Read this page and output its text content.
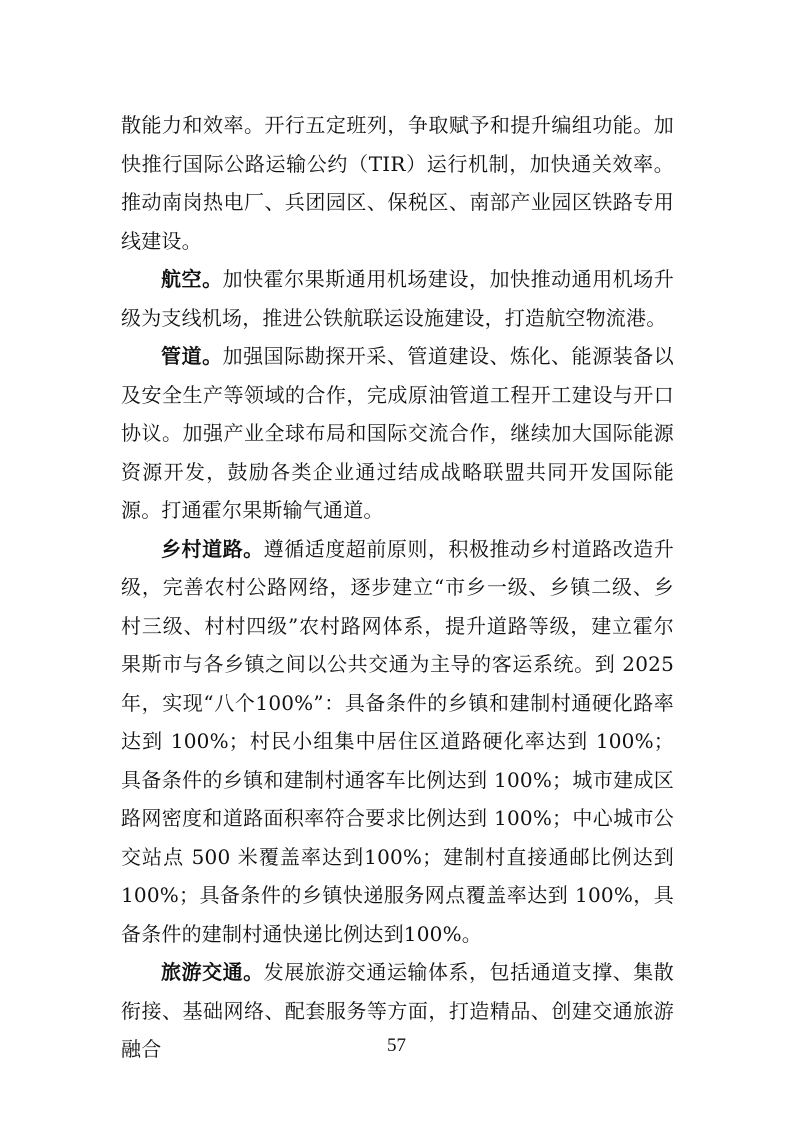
散能力和效率。开行五定班列，争取赋予和提升编组功能。加快推行国际公路运输公约（TIR）运行机制，加快通关效率。推动南岗热电厂、兵团园区、保税区、南部产业园区铁路专用线建设。

航空。加快霍尔果斯通用机场建设，加快推动通用机场升级为支线机场，推进公铁航联运设施建设，打造航空物流港。

管道。加强国际勘探开采、管道建设、炼化、能源装备以及安全生产等领域的合作，完成原油管道工程开工建设与开口协议。加强产业全球布局和国际交流合作，继续加大国际能源资源开发，鼓励各类企业通过结成战略联盟共同开发国际能源。打通霍尔果斯输气通道。

乡村道路。遵循适度超前原则，积极推动乡村道路改造升级，完善农村公路网络，逐步建立“市乡一级、乡镇二级、乡村三级、村村四级”农村路网体系，提升道路等级，建立霍尔果斯市与各乡镇之间以公共交通为主导的客运系统。到 2025 年，实现“八个100%”：具备条件的乡镇和建制村通硬化路率达到 100%；村民小组集中居住区道路硬化率达到 100%；具备条件的乡镇和建制村通客车比例达到 100%；城市建成区路网密度和道路面积率符合要求比例达到 100%；中心城市公交站点 500 米覆盖率达到100%；建制村直接通邮比例达到 100%；具备条件的乡镇快递服务网点覆盖率达到 100%，具备条件的建制村通快递比例达到100%。

旅游交通。发展旅游交通运输体系，包括通道支撑、集散衔接、基础网络、配套服务等方面，打造精品、创建交通旅游融合	57
